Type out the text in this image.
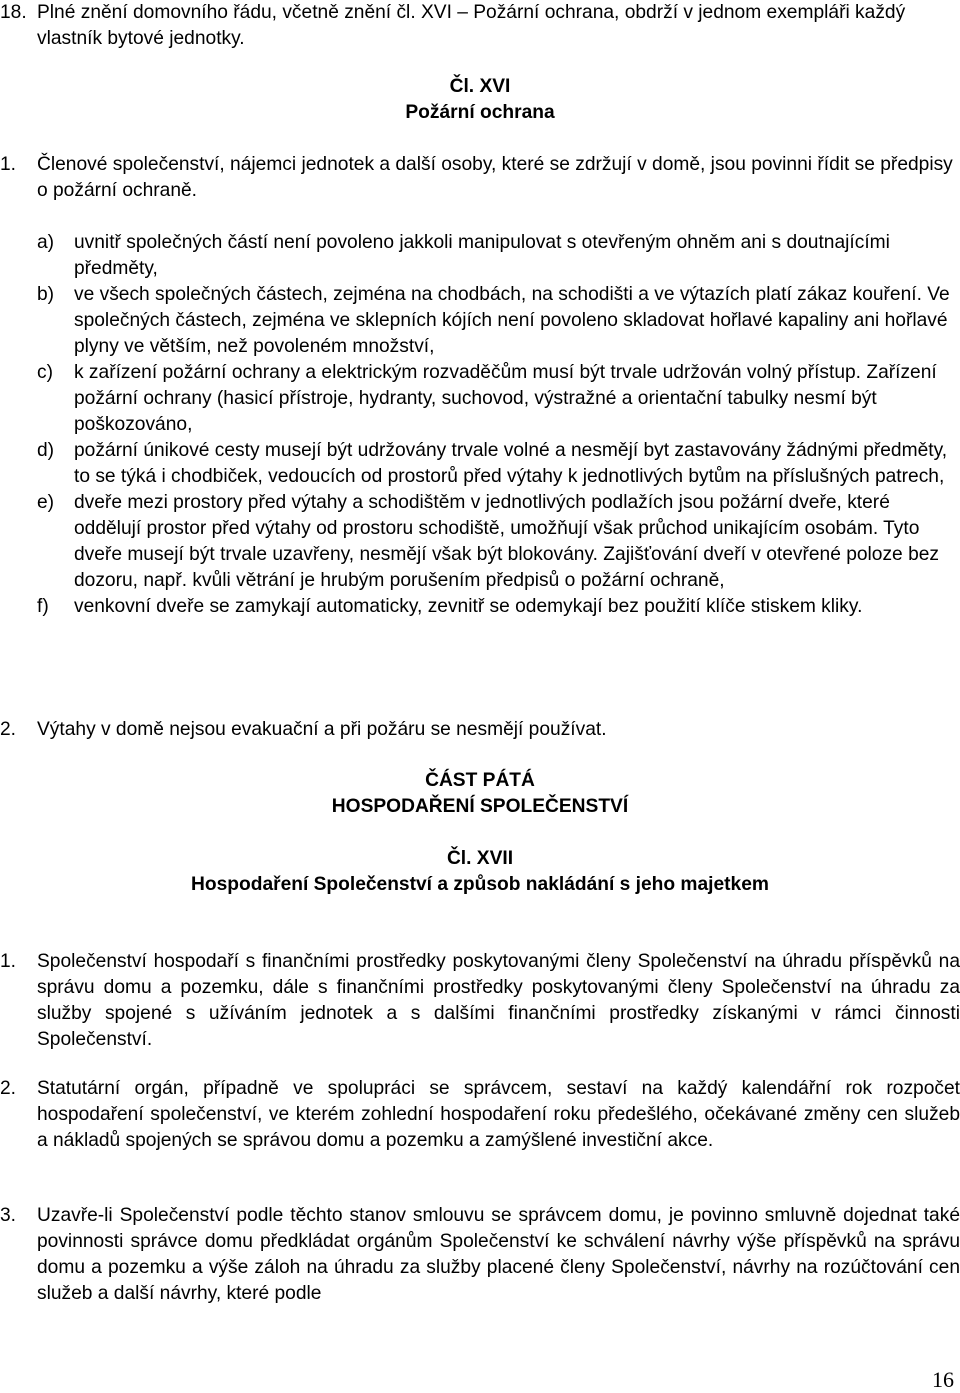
18. Plné znění domovního řádu, včetně znění čl. XVI – Požární ochrana, obdrží v jednom exempláři každý vlastník bytové jednotky.
Čl. XVI
Požární ochrana
1.	Členové společenství, nájemci jednotek a další osoby, které se zdržují v domě, jsou povinni řídit se předpisy o požární ochraně.
a)	uvnitř společných částí není povoleno jakkoli manipulovat s otevřeným ohněm ani s doutnajícími předměty,
b)	ve všech společných částech, zejména na chodbách, na schodišti a ve výtazích platí zákaz kouření. Ve společných částech, zejména ve sklepních kójích není povoleno skladovat hořlavé kapaliny ani hořlavé plyny ve větším, než povoleném množství,
c)	k zařízení požární ochrany a elektrickým rozvaděčům musí být trvale udržován volný přístup. Zařízení požární ochrany (hasicí přístroje, hydranty, suchovod, výstražné a orientační tabulky nesmí být poškozováno,
d)	požární únikové cesty musejí být udržovány trvale volné a nesmějí byt zastavovány žádnými předměty, to se týká i chodbiček, vedoucích od prostorů před výtahy k jednotlivých bytům na příslušných patrech,
e)	dveře mezi prostory před výtahy a schodištěm v jednotlivých podlažích jsou požární dveře, které oddělují prostor před výtahy od prostoru schodiště, umožňují však průchod unikajícím osobám. Tyto dveře musejí být trvale uzavřeny, nesmějí však být blokovány. Zajišťování dveří v otevřené poloze bez dozoru, např. kvůli větrání je hrubým porušením předpisů o požární ochraně,
f)	venkovní dveře se zamykají automaticky, zevnitř se odemykají bez použití klíče stiskem kliky.
2.	Výtahy v domě nejsou evakuační a při požáru se nesmějí používat.
ČÁST PÁTÁ
HOSPODAŘENÍ SPOLEČENSTVÍ
Čl. XVII
Hospodaření Společenství a způsob nakládání s jeho majetkem
1.	Společenství hospodaří s finančními prostředky poskytovanými členy Společenství na úhradu příspěvků na správu domu a pozemku, dále s finančními prostředky poskytovanými členy Společenství na úhradu za služby spojené s užíváním jednotek a s dalšími finančními prostředky získanými v rámci činnosti Společenství.
2.	Statutární orgán, případně ve spolupráci se správcem, sestaví na každý kalendářní rok rozpočet hospodaření společenství, ve kterém zohlední hospodaření roku předešlého, očekávané změny cen služeb a nákladů spojených se správou domu a pozemku a zamýšlené investiční akce.
3.	Uzavře-li Společenství podle těchto stanov smlouvu se správcem domu, je povinno smluvně dojednat také povinnosti správce domu předkládat orgánům Společenství ke schválení návrhy výše příspěvků na správu domu a pozemku a výše záloh na úhradu za služby placené členy Společenství, návrhy na rozúčtování cen služeb a další návrhy, které podle
16
